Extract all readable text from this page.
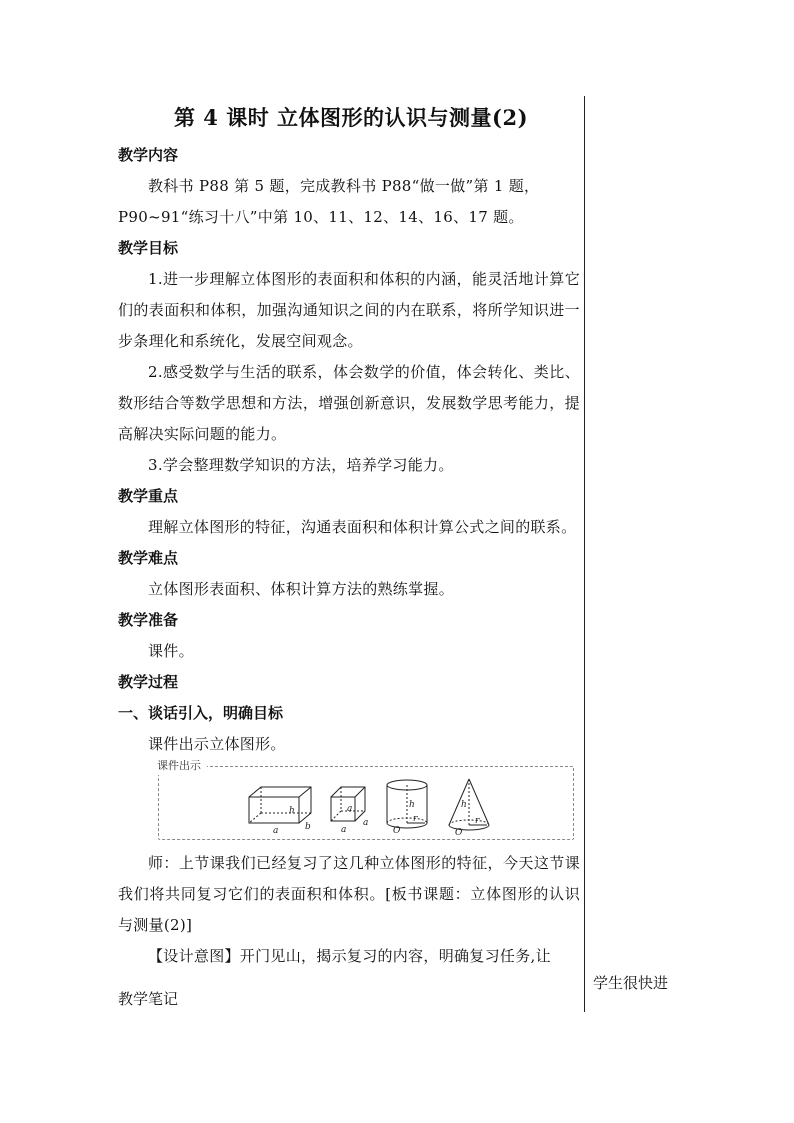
第 4 课时 立体图形的认识与测量(2)

教学内容

教科书 P88 第 5 题，完成教科书 P88“做一做”第 1 题，

P90~91“练习十八”中第 10、11、12、14、16、17 题。

教学目标

1.进一步理解立体图形的表面积和体积的内涵，能灵活地计算它们的表面积和体积，加强沟通知识之间的内在联系，将所学知识进一步条理化和系统化，发展空间观念。

2.感受数学与生活的联系，体会数学的价值，体会转化、类比、数形结合等数学思想和方法，增强创新意识，发展数学思考能力，提高解决实际问题的能力。

3.学会整理数学知识的方法，培养学习能力。

教学重点

理解立体图形的特征，沟通表面积和体积计算公式之间的联系。

教学难点

立体图形表面积、体积计算方法的熟练掌握。

教学准备

课件。

教学过程

一、谈话引入，明确目标

课件出示立体图形。

课件出示
h
a	b
a
a
a
h
r
O
h
r
O

师：上节课我们已经复习了这几种立体图形的特征，今天这节课我们将共同复习它们的表面积和体积。[板书课题：立体图形的认识与测量(2)]

【设计意图】开门见山，揭示复习的内容，明确复习任务,让

学生很快进
教学笔记
